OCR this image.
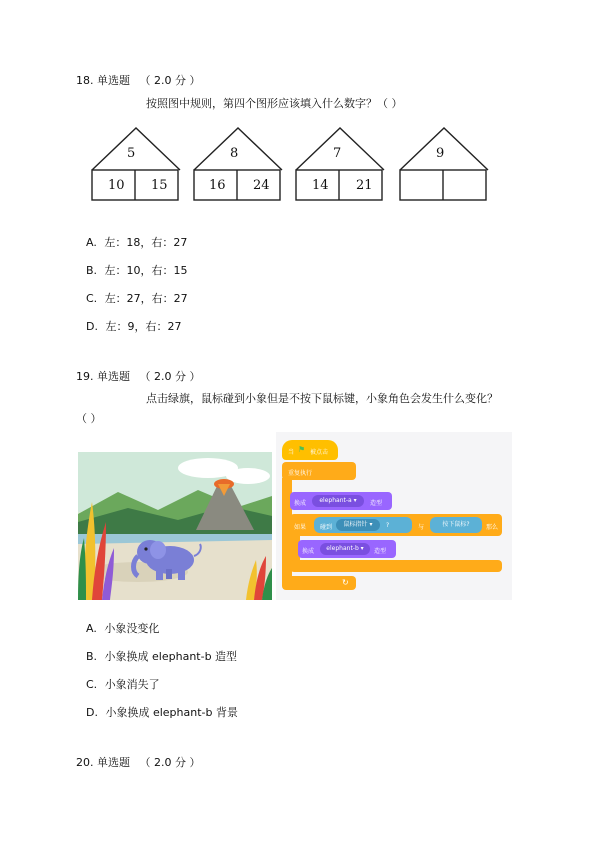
18. 单选题 （ 2.0 分 ）
按照图中规则，第四个图形应该填入什么数字？（ ）
5
10 15
8
16 24
7
14 21
9
A. 左：18，右：27
B. 左：10，右：15
C. 左：27，右：27
D. 左：9，右：27
19. 单选题 （ 2.0 分 ）
点击绿旗，鼠标碰到小象但是不按下鼠标键，小象角色会发生什么变化？
（ ）
当 ⚑ 被点击
重复执行
↻
换成	elephant-a ▾	造型
如果 碰到	鼠标指针 ▾	?	与	按下鼠标?	那么
换成	elephant-b ▾	造型
A. 小象没变化
B. 小象换成 elephant-b 造型
C. 小象消失了
D. 小象换成 elephant-b 背景
20. 单选题 （ 2.0 分 ）
